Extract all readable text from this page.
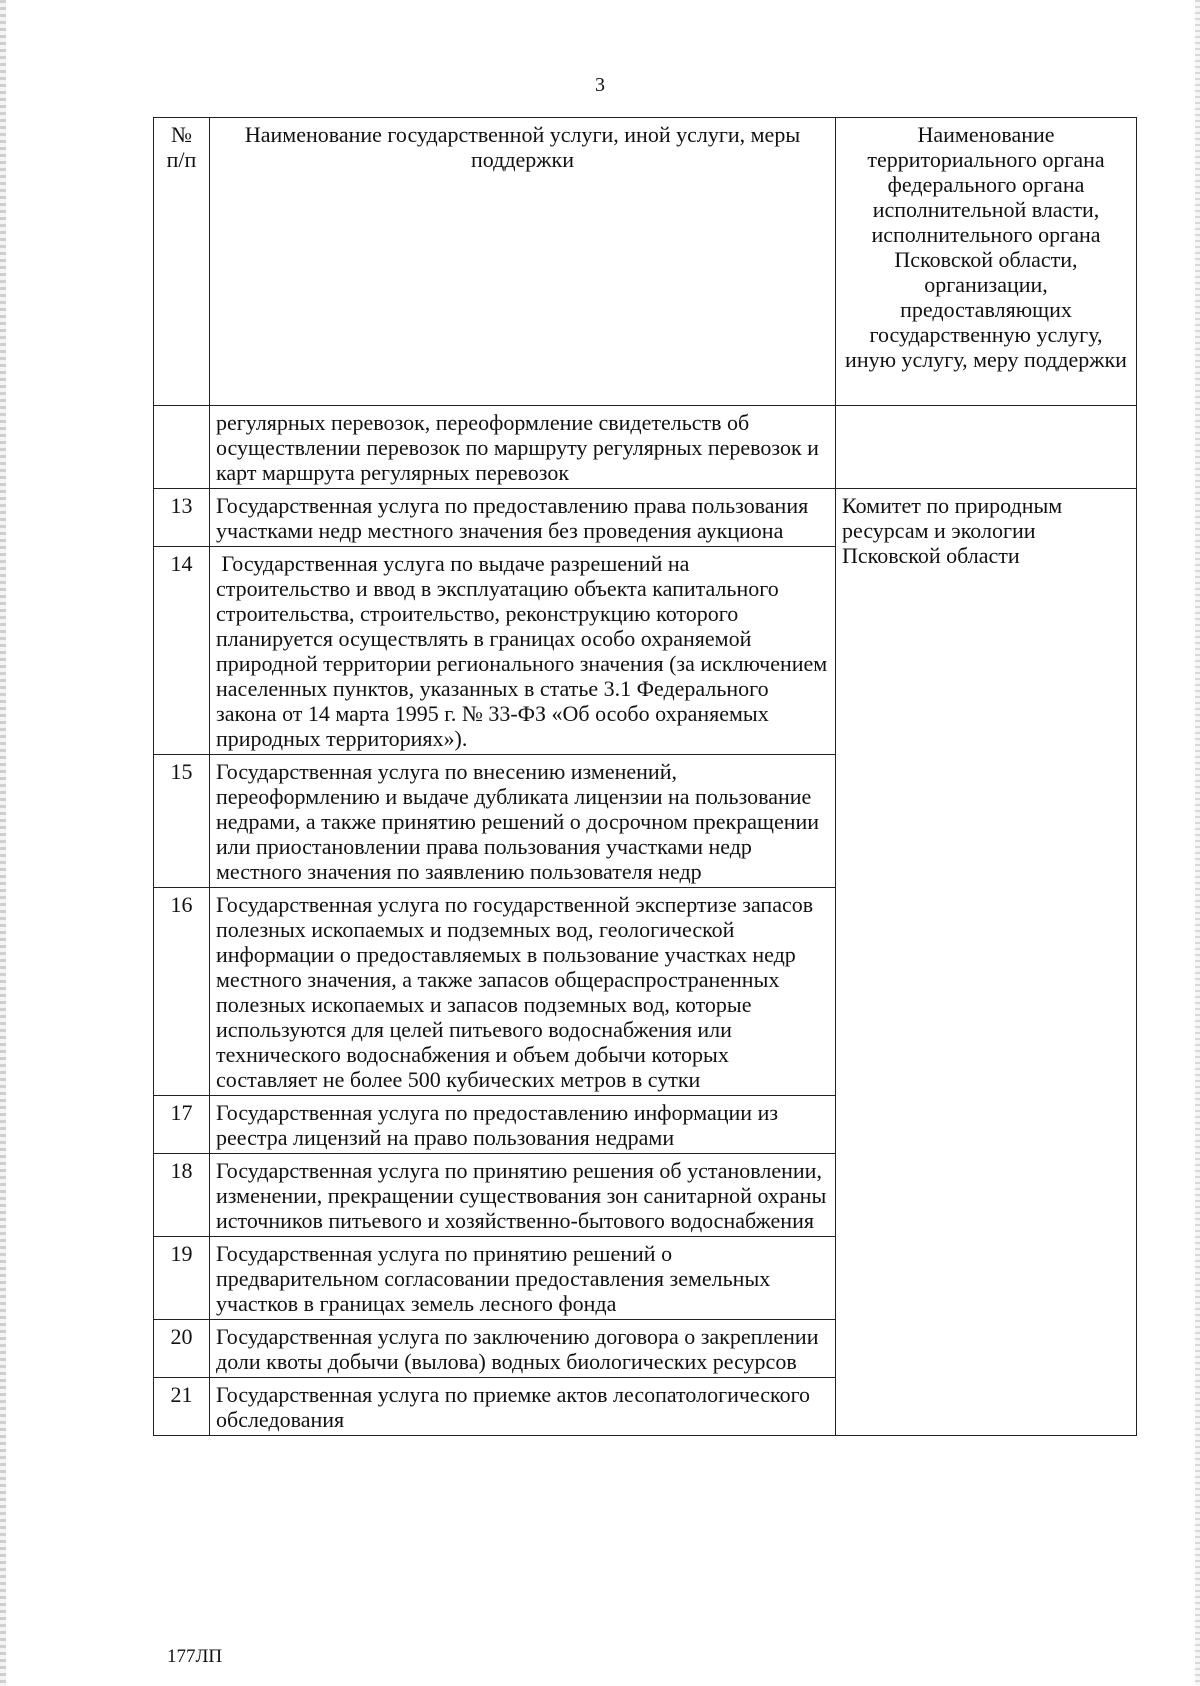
3
№ п/п	Наименование государственной услуги, иной услуги, меры поддержки	Наименование территориального органа федерального органа исполнительной власти, исполнительного органа Псковской области, организации, предоставляющих государственную услугу, иную услугу, меру поддержки
	регулярных перевозок, переоформление свидетельств об осуществлении перевозок по маршруту регулярных перевозок и карт маршрута регулярных перевозок	
13	Государственная услуга по предоставлению права пользования участками недр местного значения без проведения аукциона	Комитет по природным ресурсам и экологии Псковской области
14	Государственная услуга по выдаче разрешений на строительство и ввод в эксплуатацию объекта капитального строительства, строительство, реконструкцию которого планируется осуществлять в границах особо охраняемой природной территории регионального значения (за исключением населенных пунктов, указанных в статье 3.1 Федерального закона от 14 марта 1995 г. № 33-ФЗ «Об особо охраняемых природных территориях»).	
15	Государственная услуга по внесению изменений, переоформлению и выдаче дубликата лицензии на пользование недрами, а также принятию решений о досрочном прекращении или приостановлении права пользования участками недр местного значения по заявлению пользователя недр	
16	Государственная услуга по государственной экспертизе запасов полезных ископаемых и подземных вод, геологической информации о предоставляемых в пользование участках недр местного значения, а также запасов общераспространенных полезных ископаемых и запасов подземных вод, которые используются для целей питьевого водоснабжения или технического водоснабжения и объем добычи которых составляет не более 500 кубических метров в сутки	
17	Государственная услуга по предоставлению информации из реестра лицензий на право пользования недрами	
18	Государственная услуга по принятию решения об установлении, изменении, прекращении существования зон санитарной охраны источников питьевого и хозяйственно-бытового водоснабжения	
19	Государственная услуга по принятию решений о предварительном согласовании предоставления земельных участков в границах земель лесного фонда	
20	Государственная услуга по заключению договора о закреплении доли квоты добычи (вылова) водных биологических ресурсов	
21	Государственная услуга по приемке актов лесопатологического обследования	
177ЛП
